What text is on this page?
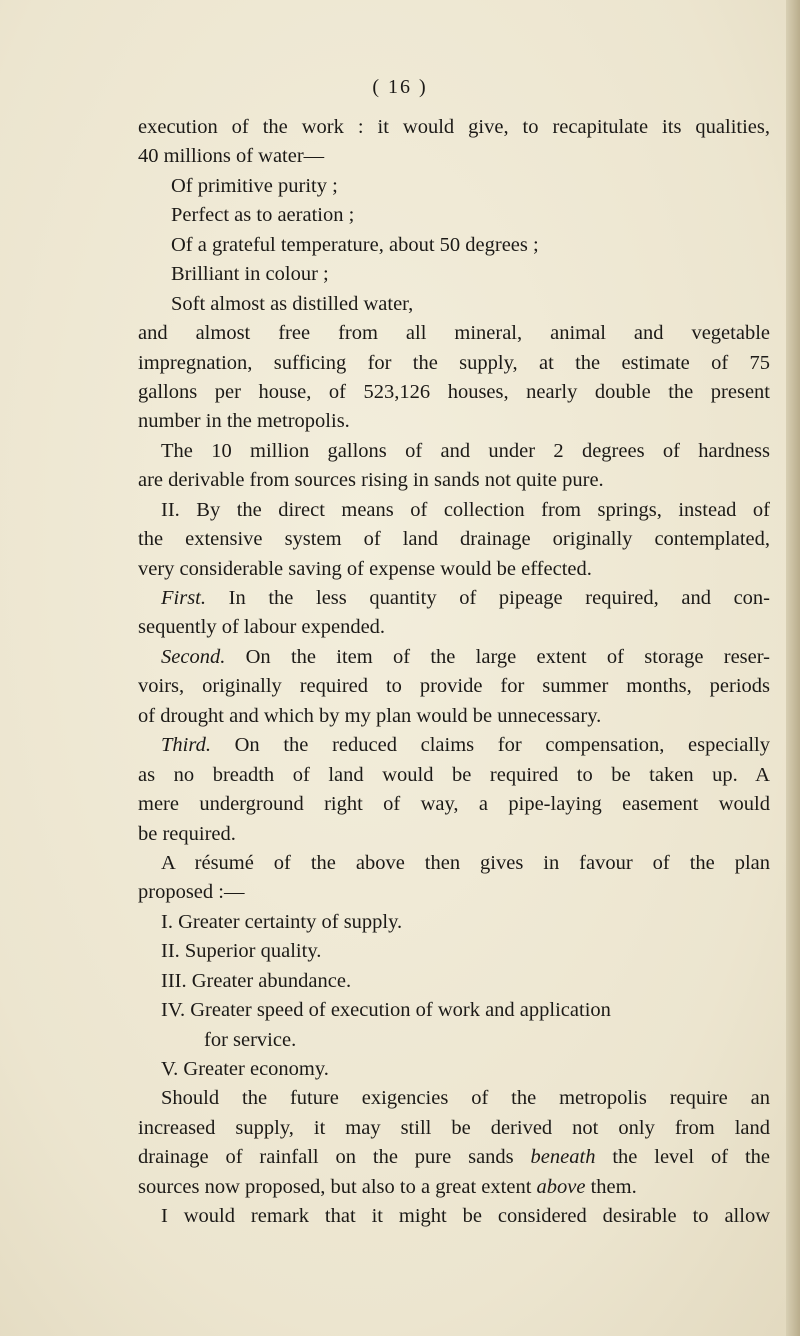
( 16 )
execution of the work : it would give, to recapitulate its qualities,
40 millions of water—
Of primitive purity ;
Perfect as to aeration ;
Of a grateful temperature, about 50 degrees ;
Brilliant in colour ;
Soft almost as distilled water,
and almost free from all mineral, animal and vegetable
impregnation, sufficing for the supply, at the estimate of 75
gallons per house, of 523,126 houses, nearly double the present
number in the metropolis.
The 10 million gallons of and under 2 degrees of hardness
are derivable from sources rising in sands not quite pure.
II. By the direct means of collection from springs, instead of
the extensive system of land drainage originally contemplated,
very considerable saving of expense would be effected.
First. In the less quantity of pipeage required, and con-
sequently of labour expended.
Second. On the item of the large extent of storage reser-
voirs, originally required to provide for summer months, periods
of drought and which by my plan would be unnecessary.
Third. On the reduced claims for compensation, especially
as no breadth of land would be required to be taken up. A
mere underground right of way, a pipe-laying easement would
be required.
A résumé of the above then gives in favour of the plan
proposed :—
I. Greater certainty of supply.
II. Superior quality.
III. Greater abundance.
IV. Greater speed of execution of work and application
for service.
V. Greater economy.
Should the future exigencies of the metropolis require an
increased supply, it may still be derived not only from land
drainage of rainfall on the pure sands beneath the level of the
sources now proposed, but also to a great extent above them.
I would remark that it might be considered desirable to allow
